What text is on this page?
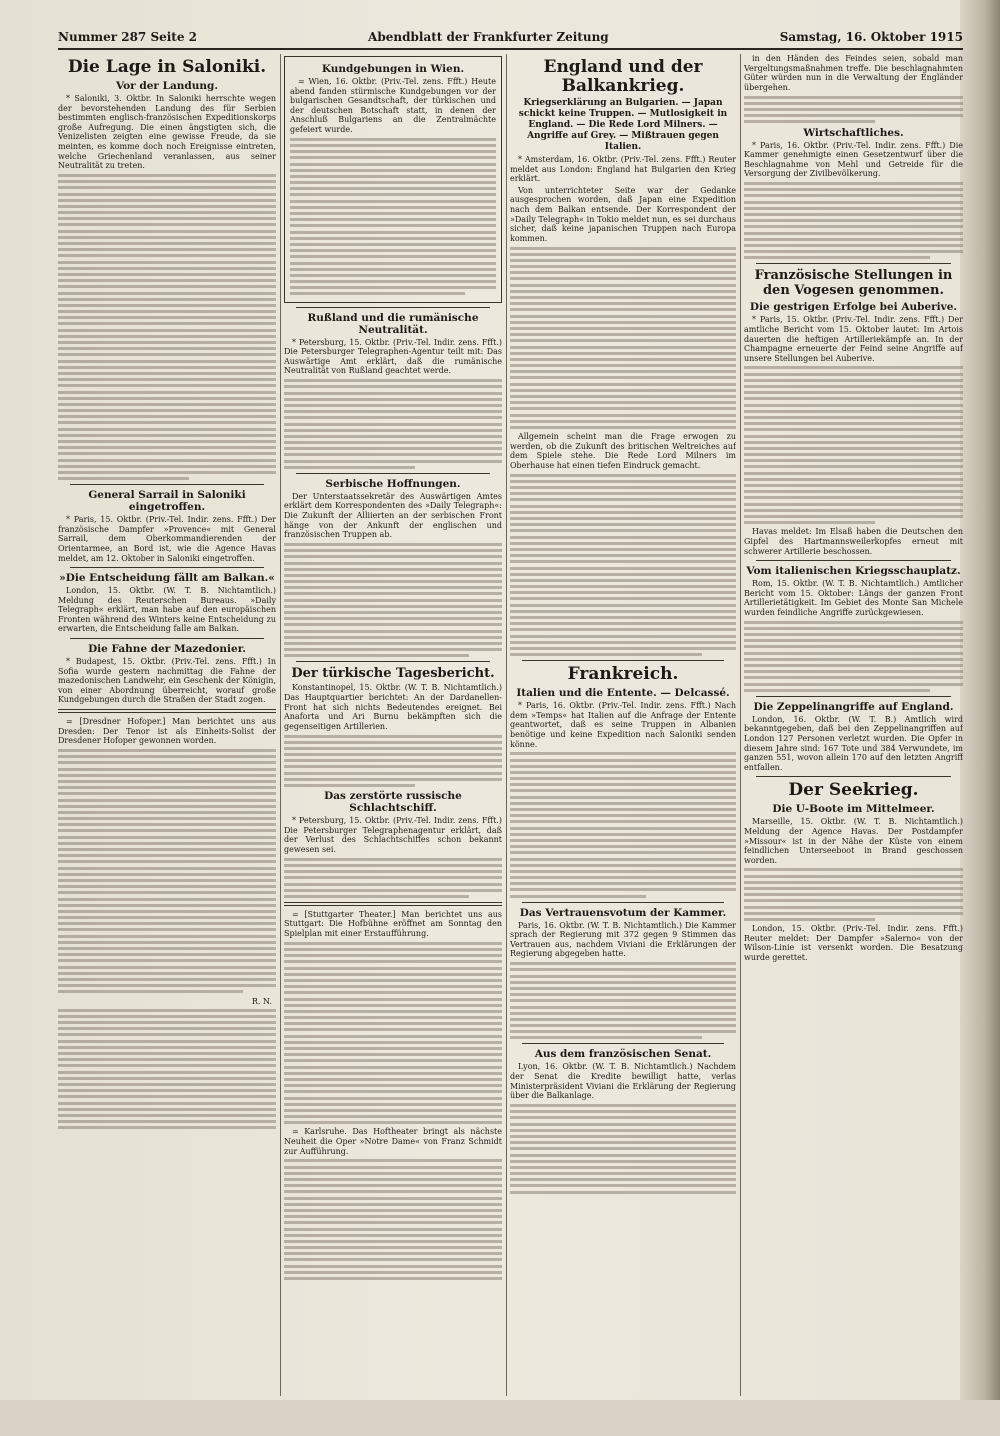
Nummer 287 Seite 2	Abendblatt der Frankfurter Zeitung	Samstag, 16. Oktober 1915
Die Lage in Saloniki.
Vor der Landung.

* Saloniki, 3. Oktbr. In Saloniki herrschte wegen der bevorstehenden Landung des für Serbien bestimmten englisch-französischen Expeditionskorps große Aufregung. Die einen ängstigten sich, die Venizelisten zeigten eine gewisse Freude, da sie meinten, es komme doch noch Ereignisse eintreten, welche Griechenland veranlassen, aus seiner Neutralität zu treten.

General Sarrail in Saloniki eingetroffen.

* Paris, 15. Oktbr. (Priv.-Tel. Indir. zens. Ffft.) Der französische Dampfer »Provence« mit General Sarrail, dem Oberkommandierenden der Orientarmee, an Bord ist, wie die Agence Havas meldet, am 12. Oktober in Saloniki eingetroffen.

»Die Entscheidung fällt am Balkan.«

London, 15. Oktbr. (W. T. B. Nichtamtlich.) Meldung des Reuterschen Bureaus. »Daily Telegraph« erklärt, man habe auf den europäischen Fronten während des Winters keine Entscheidung zu erwarten, die Entscheidung falle am Balkan.

Die Fahne der Mazedonier.

* Budapest, 15. Oktbr. (Priv.-Tel. zens. Ffft.) In Sofia wurde gestern nachmittag die Fahne der mazedonischen Landwehr, ein Geschenk der Königin, von einer Abordnung überreicht, worauf große Kundgebungen durch die Straßen der Stadt zogen.

= [Dresdner Hofoper.] Man berichtet uns aus Dresden: Der Tenor ist als Einheits-Solist der Dresdener Hofoper gewonnen worden.

R. N.
Kundgebungen in Wien.

= Wien, 16. Oktbr. (Priv.-Tel. zens. Ffft.) Heute abend fanden stürmische Kundgebungen vor der bulgarischen Gesandtschaft, der türkischen und der deutschen Botschaft statt, in denen der Anschluß Bulgariens an die Zentralmächte gefeiert wurde.

Rußland und die rumänische Neutralität.

* Petersburg, 15. Oktbr. (Priv.-Tel. Indir. zens. Ffft.) Die Petersburger Telegraphen-Agentur teilt mit: Das Auswärtige Amt erklärt, daß die rumänische Neutralität von Rußland geachtet werde.

Serbische Hoffnungen.

Der Unterstaatssekretär des Auswärtigen Amtes erklärt dem Korrespondenten des »Daily Telegraph«: Die Zukunft der Alliierten an der serbischen Front hänge von der Ankunft der englischen und französischen Truppen ab.

Der türkische Tagesbericht.

Konstantinopel, 15. Oktbr. (W. T. B. Nichtamtlich.) Das Hauptquartier berichtet: An der Dardanellen-Front hat sich nichts Bedeutendes ereignet. Bei Anaforta und Ari Burnu bekämpften sich die gegenseitigen Artillerien.

Das zerstörte russische Schlachtschiff.

* Petersburg, 15. Oktbr. (Priv.-Tel. Indir. zens. Ffft.) Die Petersburger Telegraphenagentur erklärt, daß der Verlust des Schlachtschiffes schon bekannt gewesen sei.

= [Stuttgarter Theater.] Man berichtet uns aus Stuttgart: Die Hofbühne eröffnet am Sonntag den Spielplan mit einer Erstaufführung.

= Karlsruhe. Das Hoftheater bringt als nächste Neuheit die Oper »Notre Dame« von Franz Schmidt zur Aufführung.

England und der Balkankrieg.
Kriegserklärung an Bulgarien. — Japan schickt keine Truppen. — Mutlosigkeit in England. — Die Rede Lord Milners. — Angriffe auf Grey. — Mißtrauen gegen Italien.

* Amsterdam, 16. Oktbr. (Priv.-Tel. zens. Ffft.) Reuter meldet aus London: England hat Bulgarien den Krieg erklärt.

Von unterrichteter Seite war der Gedanke ausgesprochen worden, daß Japan eine Expedition nach dem Balkan entsende. Der Korrespondent der »Daily Telegraph« in Tokio meldet nun, es sei durchaus sicher, daß keine japanischen Truppen nach Europa kommen.

Allgemein scheint man die Frage erwogen zu werden, ob die Zukunft des britischen Weltreiches auf dem Spiele stehe. Die Rede Lord Milners im Oberhause hat einen tiefen Eindruck gemacht.

Frankreich.
Italien und die Entente. — Delcassé.

* Paris, 16. Oktbr. (Priv.-Tel. Indir. zens. Ffft.) Nach dem »Temps« hat Italien auf die Anfrage der Entente geantwortet, daß es seine Truppen in Albanien benötige und keine Expedition nach Saloniki senden könne.

Das Vertrauensvotum der Kammer.

Paris, 16. Oktbr. (W. T. B. Nichtamtlich.) Die Kammer sprach der Regierung mit 372 gegen 9 Stimmen das Vertrauen aus, nachdem Viviani die Erklärungen der Regierung abgegeben hatte.

Aus dem französischen Senat.

Lyon, 16. Oktbr. (W. T. B. Nichtamtlich.) Nachdem der Senat die Kredite bewilligt hatte, verlas Ministerpräsident Viviani die Erklärung der Regierung über die Balkanlage.

in den Händen des Feindes seien, sobald man Vergeltungsmaßnahmen treffe. Die beschlagnahmten Güter würden nun in die Verwaltung der Engländer übergehen.

Wirtschaftliches.

* Paris, 16. Oktbr. (Priv.-Tel. Indir. zens. Ffft.) Die Kammer genehmigte einen Gesetzentwurf über die Beschlagnahme von Mehl und Getreide für die Versorgung der Zivilbevölkerung.

Französische Stellungen in den Vogesen genommen.
Die gestrigen Erfolge bei Auberive.

* Paris, 15. Oktbr. (Priv.-Tel. Indir. zens. Ffft.) Der amtliche Bericht vom 15. Oktober lautet: Im Artois dauerten die heftigen Artilleriekämpfe an. In der Champagne erneuerte der Feind seine Angriffe auf unsere Stellungen bei Auberive.

Havas meldet: Im Elsaß haben die Deutschen den Gipfel des Hartmannsweilerkopfes erneut mit schwerer Artillerie beschossen.

Vom italienischen Kriegsschauplatz.

Rom, 15. Oktbr. (W. T. B. Nichtamtlich.) Amtlicher Bericht vom 15. Oktober: Längs der ganzen Front Artillerietätigkeit. Im Gebiet des Monte San Michele wurden feindliche Angriffe zurückgewiesen.

Die Zeppelinangriffe auf England.

London, 16. Oktbr. (W. T. B.) Amtlich wird bekanntgegeben, daß bei den Zeppelinangriffen auf London 127 Personen verletzt wurden. Die Opfer in diesem Jahre sind: 167 Tote und 384 Verwundete, im ganzen 551, wovon allein 170 auf den letzten Angriff entfallen.

Der Seekrieg.
Die U-Boote im Mittelmeer.

Marseille, 15. Oktbr. (W. T. B. Nichtamtlich.) Meldung der Agence Havas. Der Postdampfer »Missour« ist in der Nähe der Küste von einem feindlichen Unterseeboot in Brand geschossen worden.

London, 15. Oktbr. (Priv.-Tel. Indir. zens. Ffft.) Reuter meldet: Der Dampfer »Salerno« von der Wilson-Linie ist versenkt worden. Die Besatzung wurde gerettet.
